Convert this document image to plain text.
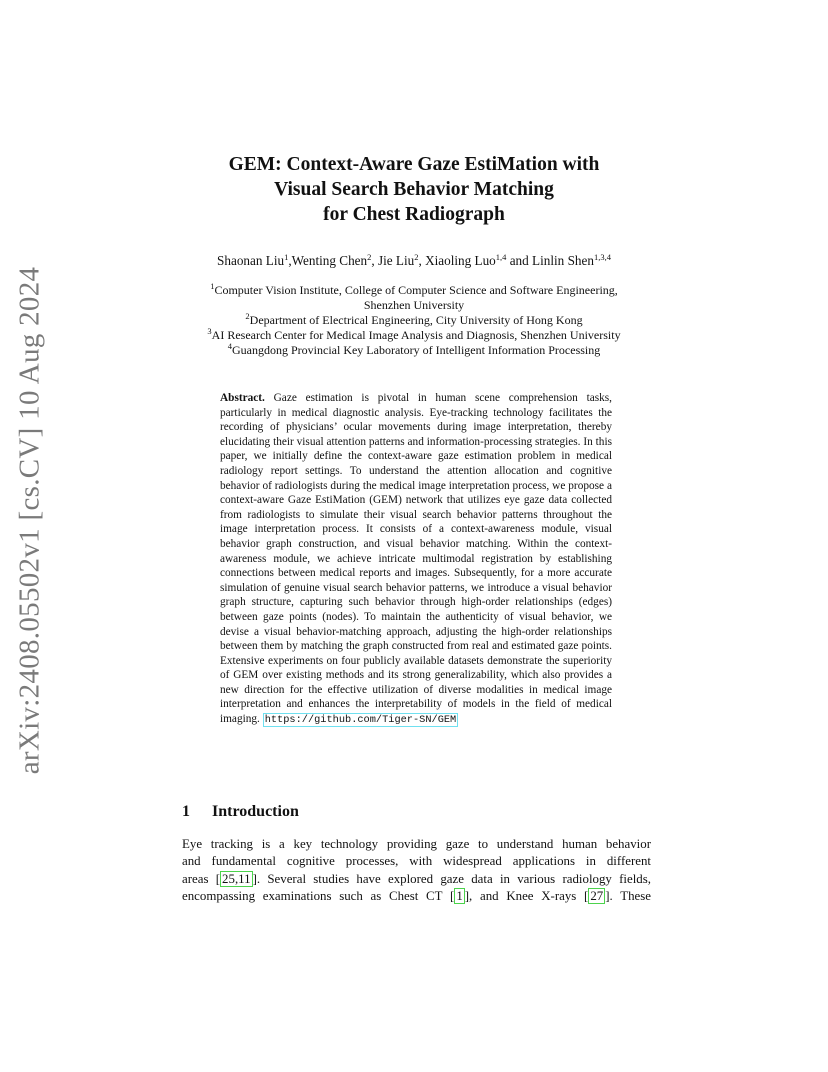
arXiv:2408.05502v1 [cs.CV] 10 Aug 2024
GEM: Context-Aware Gaze EstiMation with
Visual Search Behavior Matching
for Chest Radiograph
Shaonan Liu$^1$,Wenting Chen$^2$, Jie Liu$^2$, Xiaoling Luo$^{1,4}$ and Linlin Shen$^{1,3,4}$
$^1$Computer Vision Institute, College of Computer Science and Software Engineering,
Shenzhen University
$^2$Department of Electrical Engineering, City University of Hong Kong
$^3$AI Research Center for Medical Image Analysis and Diagnosis, Shenzhen University
$^4$Guangdong Provincial Key Laboratory of Intelligent Information Processing
Abstract. Gaze estimation is pivotal in human scene comprehension tasks, particularly in medical diagnostic analysis. Eye-tracking technology facilitates the recording of physicians’ ocular movements during image interpretation, thereby elucidating their visual attention patterns and information-processing strategies. In this paper, we initially define the context-aware gaze estimation problem in medical radiology report settings. To understand the attention allocation and cognitive behavior of radiologists during the medical image interpretation process, we propose a context-aware Gaze EstiMation (GEM) network that utilizes eye gaze data collected from radiologists to simulate their visual search behavior patterns throughout the image interpretation process. It consists of a context-awareness module, visual behavior graph construction, and visual behavior matching. Within the context-awareness module, we achieve intricate multimodal registration by establishing connections between medical reports and images. Subsequently, for a more accurate simulation of genuine visual search behavior patterns, we introduce a visual behavior graph structure, capturing such behavior through high-order relationships (edges) between gaze points (nodes). To maintain the authenticity of visual behavior, we devise a visual behavior-matching approach, adjusting the high-order relationships between them by matching the graph constructed from real and estimated gaze points. Extensive experiments on four publicly available datasets demonstrate the superiority of GEM over existing methods and its strong generalizability, which also provides a new direction for the effective utilization of diverse modalities in medical image interpretation and enhances the interpretability of models in the field of medical imaging. https://github.com/Tiger-SN/GEM
1 Introduction
Eye tracking is a key technology providing gaze to understand human behavior
and fundamental cognitive processes, with widespread applications in different
areas [ 25,11 ]. Several studies have explored gaze data in various radiology fields,
encompassing examinations such as Chest CT [ 1 ], and Knee X-rays [ 27 ]. These
